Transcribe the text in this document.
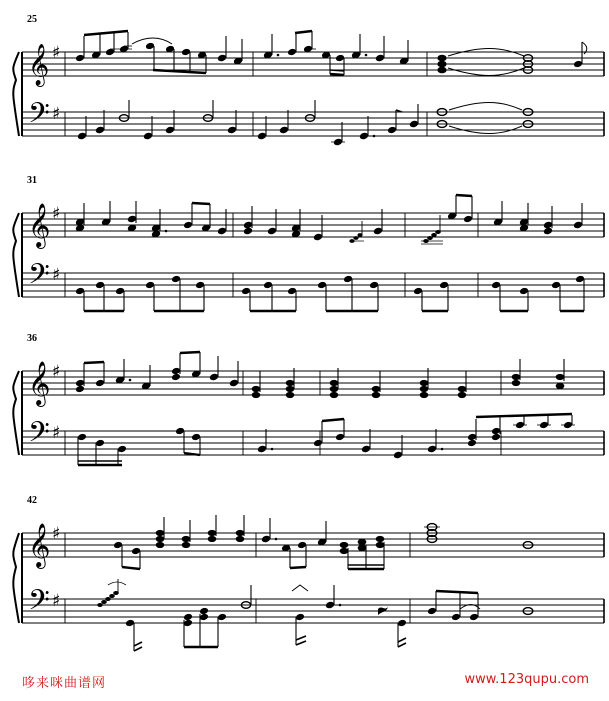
25
31
36
42
𝄞
𝄢
♯
♯
𝄞
𝄢
♯
♯
𝄞
𝄢
♯
♯
𝄞
𝄢
♯
♯
哆来咪曲谱网	www.123qupu.com
